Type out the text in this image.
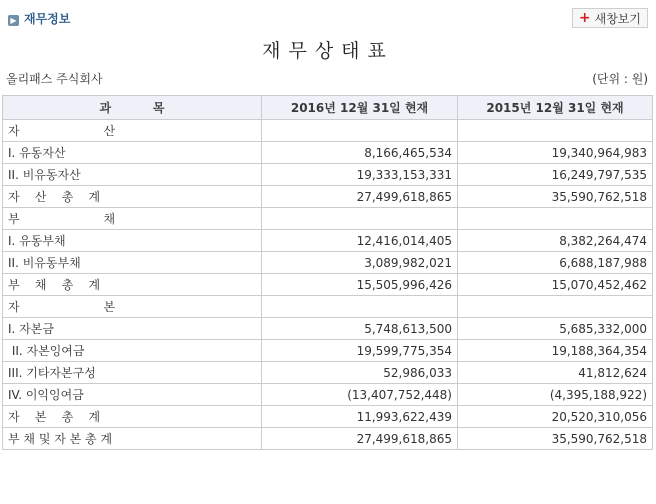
▶ 재무정보	+ 새창보기
재무상태표
올리패스 주식회사	(단위 : 원)
과          목	2016년 12월 31일 현재	2015년 12월 31일 현재
자                      산		
I. 유동자산	8,166,465,534	19,340,964,983
II. 비유동자산	19,333,153,331	16,249,797,535
자    산    총    계	27,499,618,865	35,590,762,518
부                      채		
I. 유동부채	12,416,014,405	8,382,264,474
II. 비유동부채	3,089,982,021	6,688,187,988
부    채    총    계	15,505,996,426	15,070,452,462
자                      본		
I. 자본금	5,748,613,500	5,685,332,000
II. 자본잉여금	19,599,775,354	19,188,364,354
III. 기타자본구성	52,986,033	41,812,624
IV. 이익잉여금	(13,407,752,448)	(4,395,188,922)
자    본    총    계	11,993,622,439	20,520,310,056
부 채 및 자 본 총 계	27,499,618,865	35,590,762,518
